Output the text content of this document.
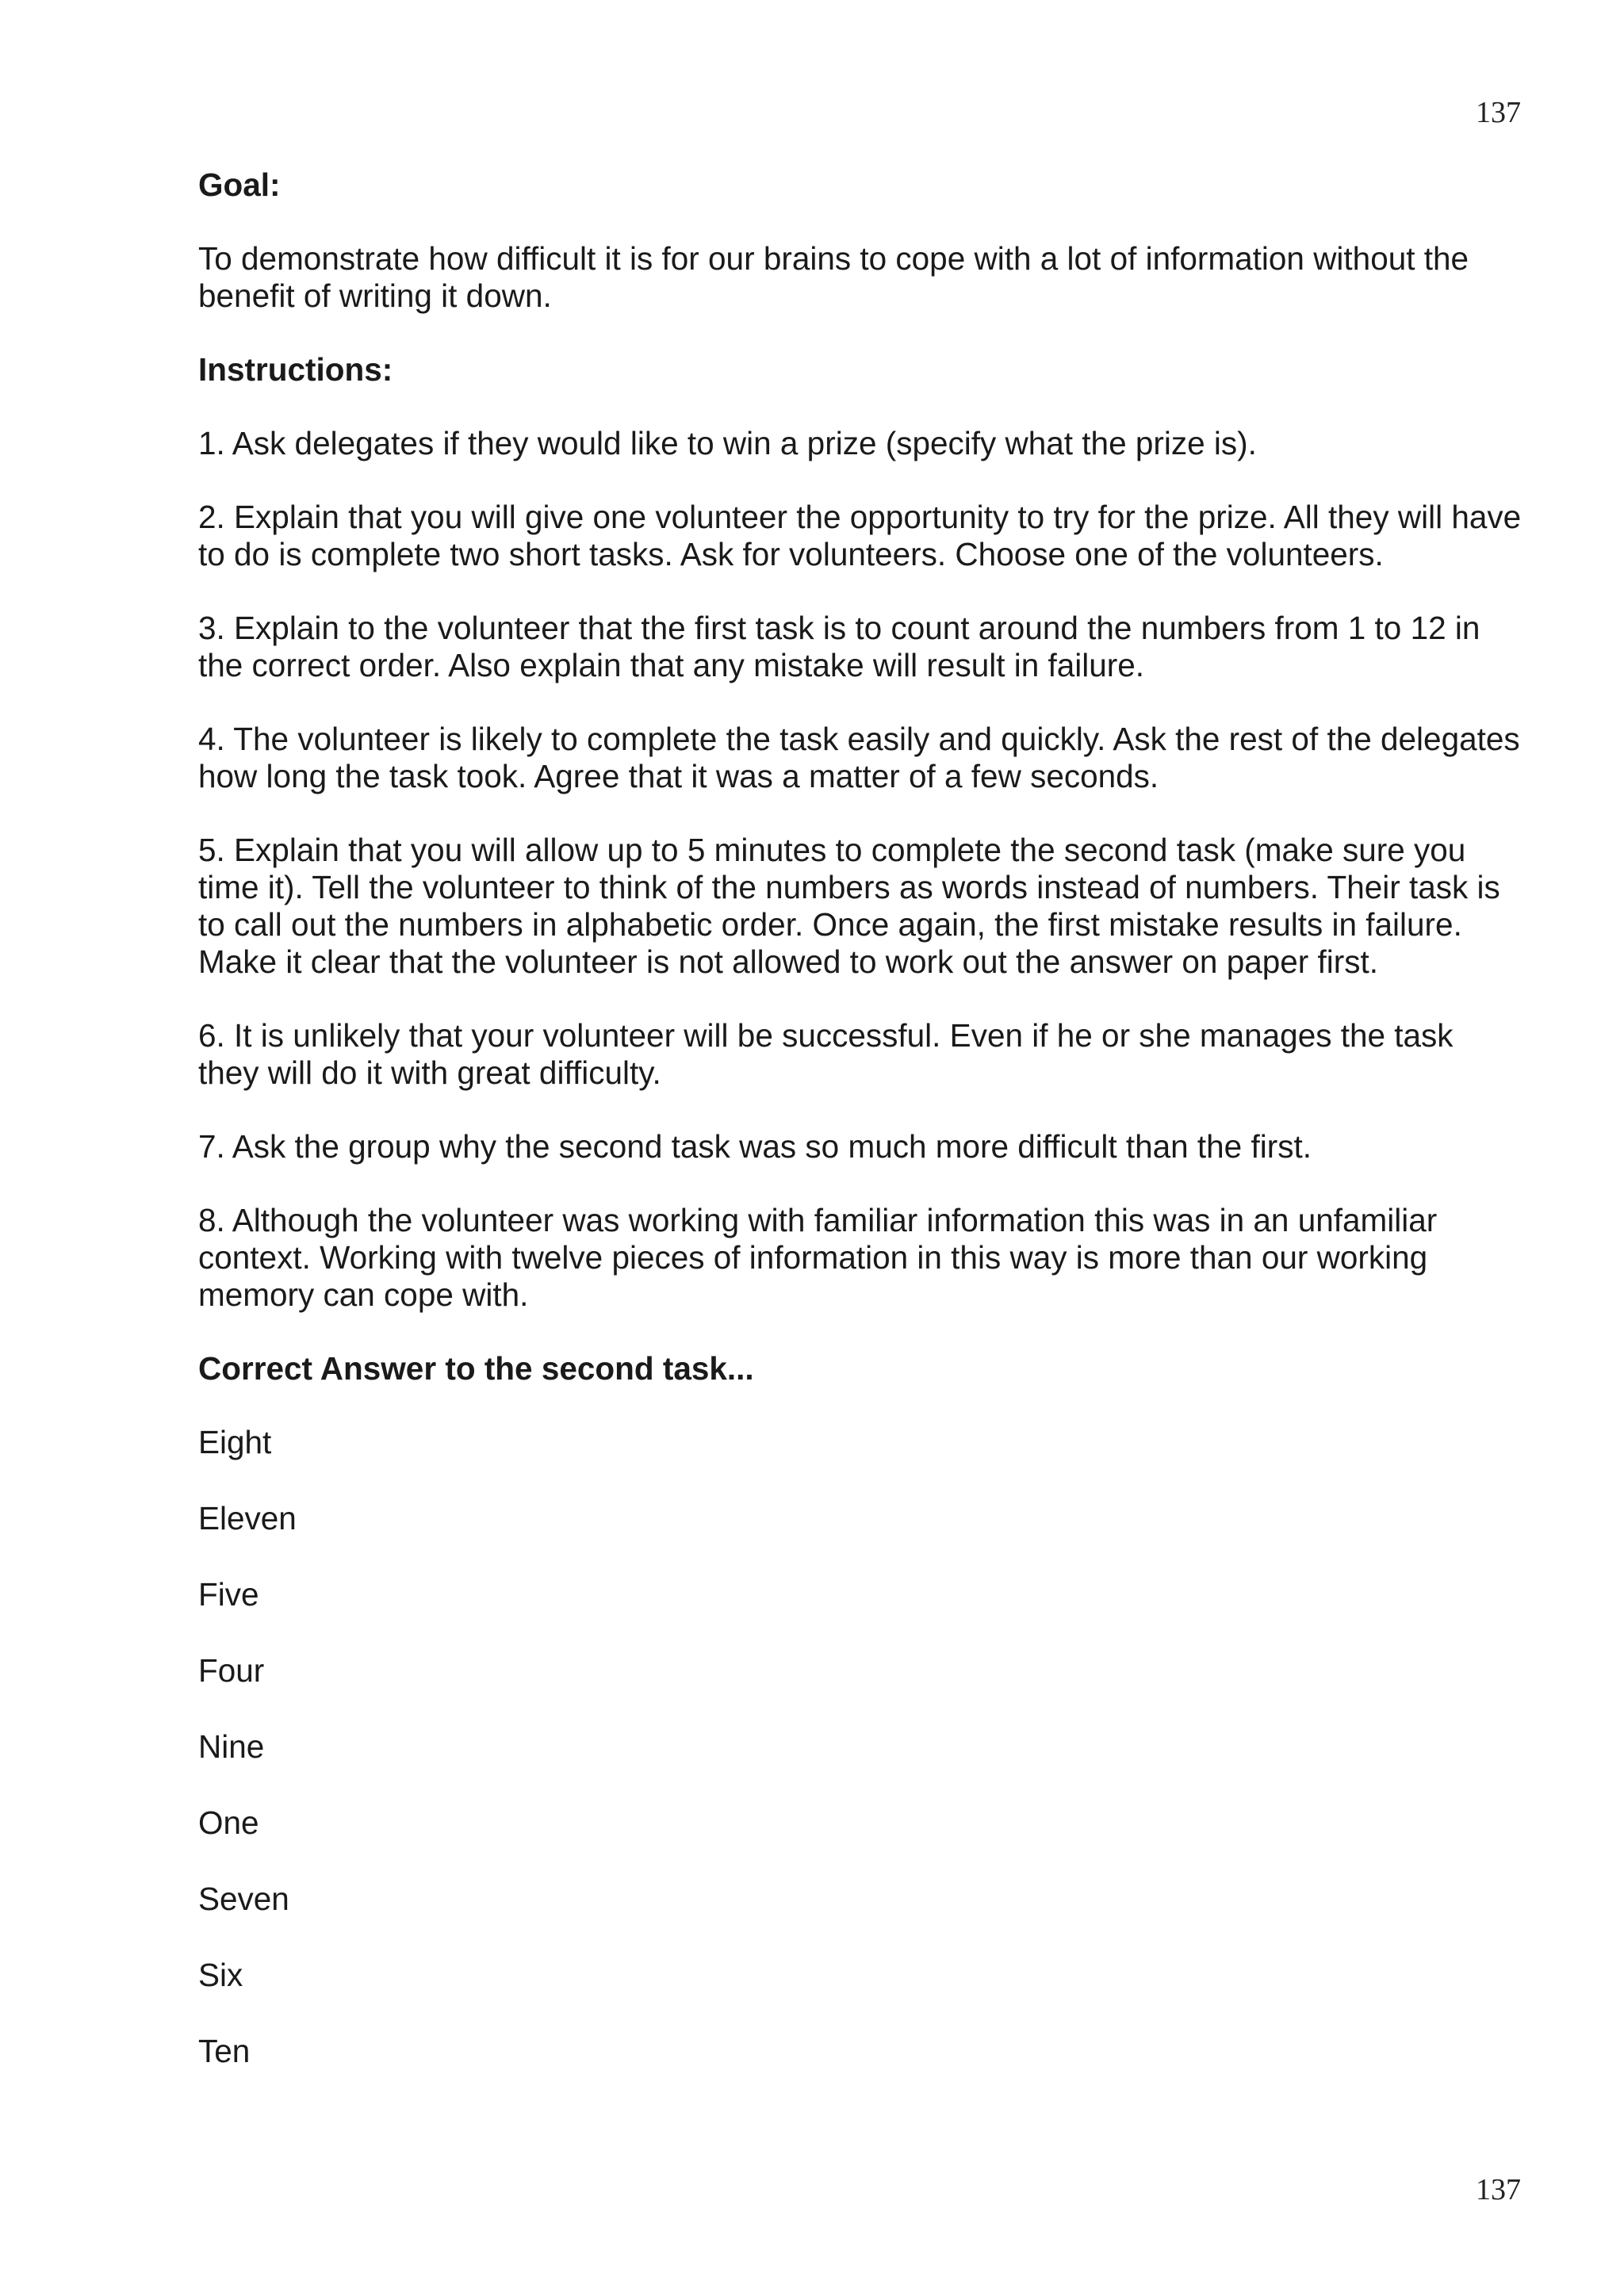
137

Goal:

To demonstrate how difficult it is for our brains to cope with a lot of information without the benefit of writing it down.

Instructions:

1. Ask delegates if they would like to win a prize (specify what the prize is).

2. Explain that you will give one volunteer the opportunity to try for the prize. All they will have to do is complete two short tasks. Ask for volunteers. Choose one of the volunteers.

3. Explain to the volunteer that the first task is to count around the numbers from 1 to 12 in the correct order. Also explain that any mistake will result in failure.

4. The volunteer is likely to complete the task easily and quickly. Ask the rest of the delegates how long the task took. Agree that it was a matter of a few seconds.

5. Explain that you will allow up to 5 minutes to complete the second task (make sure you time it). Tell the volunteer to think of the numbers as words instead of numbers. Their task is to call out the numbers in alphabetic order. Once again, the first mistake results in failure. Make it clear that the volunteer is not allowed to work out the answer on paper first.

6. It is unlikely that your volunteer will be successful. Even if he or she manages the task they will do it with great difficulty.

7. Ask the group why the second task was so much more difficult than the first.

8. Although the volunteer was working with familiar information this was in an unfamiliar context. Working with twelve pieces of information in this way is more than our working memory can cope with.

Correct Answer to the second task...

Eight
Eleven
Five
Four
Nine
One
Seven
Six
Ten
137
